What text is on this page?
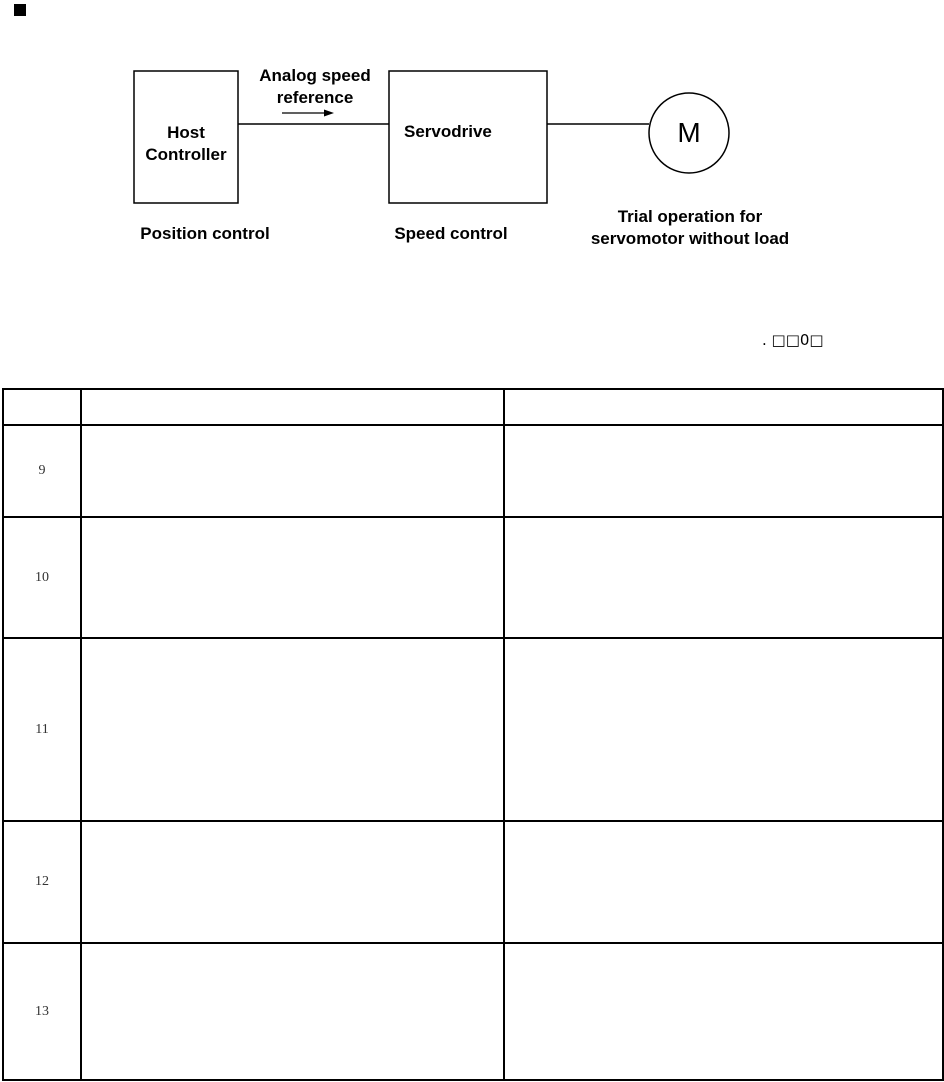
Host
Controller
Analog speed
reference
Servodrive	M
Position control	Speed control
Trial operation for
servomotor without load
. □□0□

9		
10		
11		
12		
13		
